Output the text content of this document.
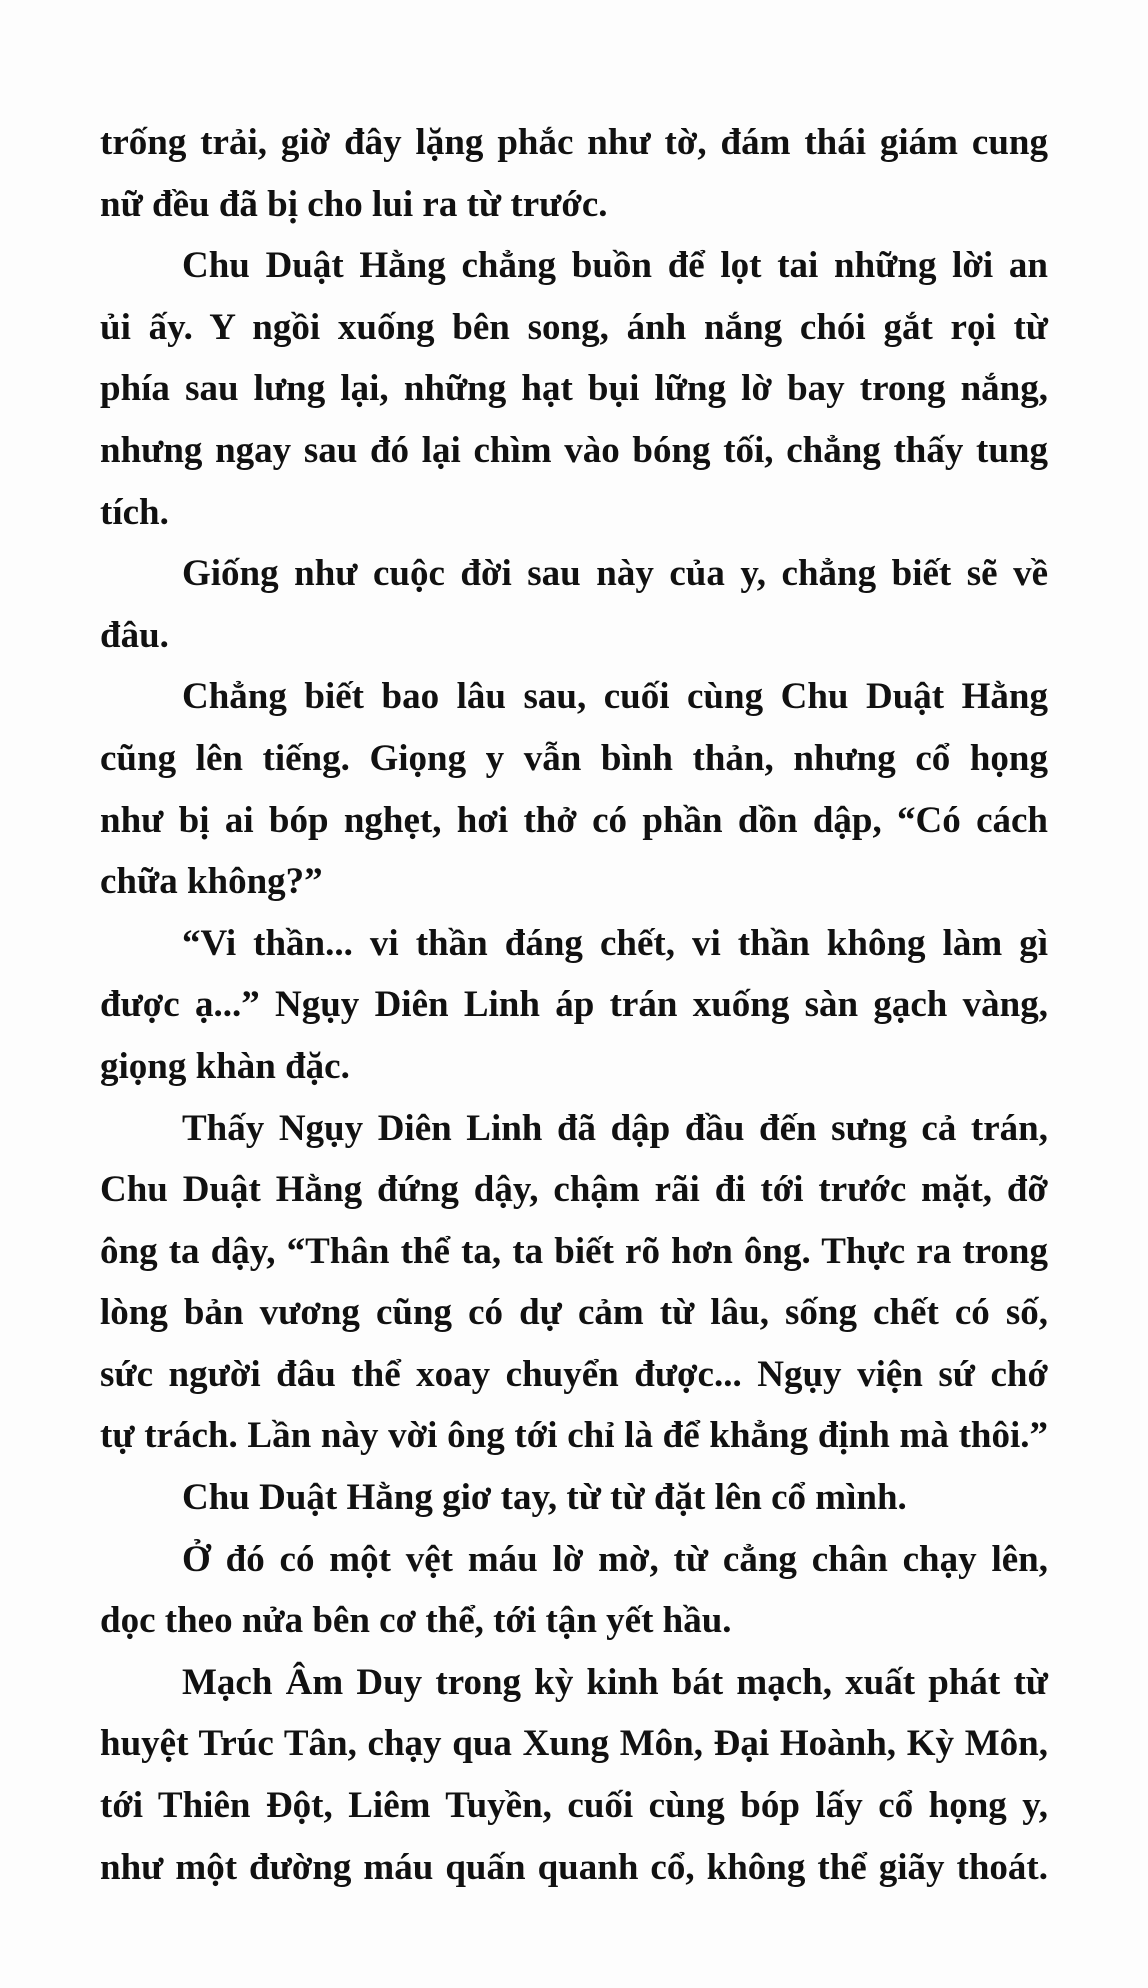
trống trải, giờ đây lặng phắc như tờ, đám thái giám cung
nữ đều đã bị cho lui ra từ trước.
Chu Duật Hằng chẳng buồn để lọt tai những lời an
ủi ấy. Y ngồi xuống bên song, ánh nắng chói gắt rọi từ
phía sau lưng lại, những hạt bụi lững lờ bay trong nắng,
nhưng ngay sau đó lại chìm vào bóng tối, chẳng thấy tung
tích.
Giống như cuộc đời sau này của y, chẳng biết sẽ về
đâu.
Chẳng biết bao lâu sau, cuối cùng Chu Duật Hằng
cũng lên tiếng. Giọng y vẫn bình thản, nhưng cổ họng
như bị ai bóp nghẹt, hơi thở có phần dồn dập, “Có cách
chữa không?”
“Vi thần... vi thần đáng chết, vi thần không làm gì
được ạ...” Ngụy Diên Linh áp trán xuống sàn gạch vàng,
giọng khàn đặc.
Thấy Ngụy Diên Linh đã dập đầu đến sưng cả trán,
Chu Duật Hằng đứng dậy, chậm rãi đi tới trước mặt, đỡ
ông ta dậy, “Thân thể ta, ta biết rõ hơn ông. Thực ra trong
lòng bản vương cũng có dự cảm từ lâu, sống chết có số,
sức người đâu thể xoay chuyển được... Ngụy viện sứ chớ
tự trách. Lần này vời ông tới chỉ là để khẳng định mà thôi.”
Chu Duật Hằng giơ tay, từ từ đặt lên cổ mình.
Ở đó có một vệt máu lờ mờ, từ cẳng chân chạy lên,
dọc theo nửa bên cơ thể, tới tận yết hầu.
Mạch Âm Duy trong kỳ kinh bát mạch, xuất phát từ
huyệt Trúc Tân, chạy qua Xung Môn, Đại Hoành, Kỳ Môn,
tới Thiên Đột, Liêm Tuyền, cuối cùng bóp lấy cổ họng y,
như một đường máu quấn quanh cổ, không thể giãy thoát.
